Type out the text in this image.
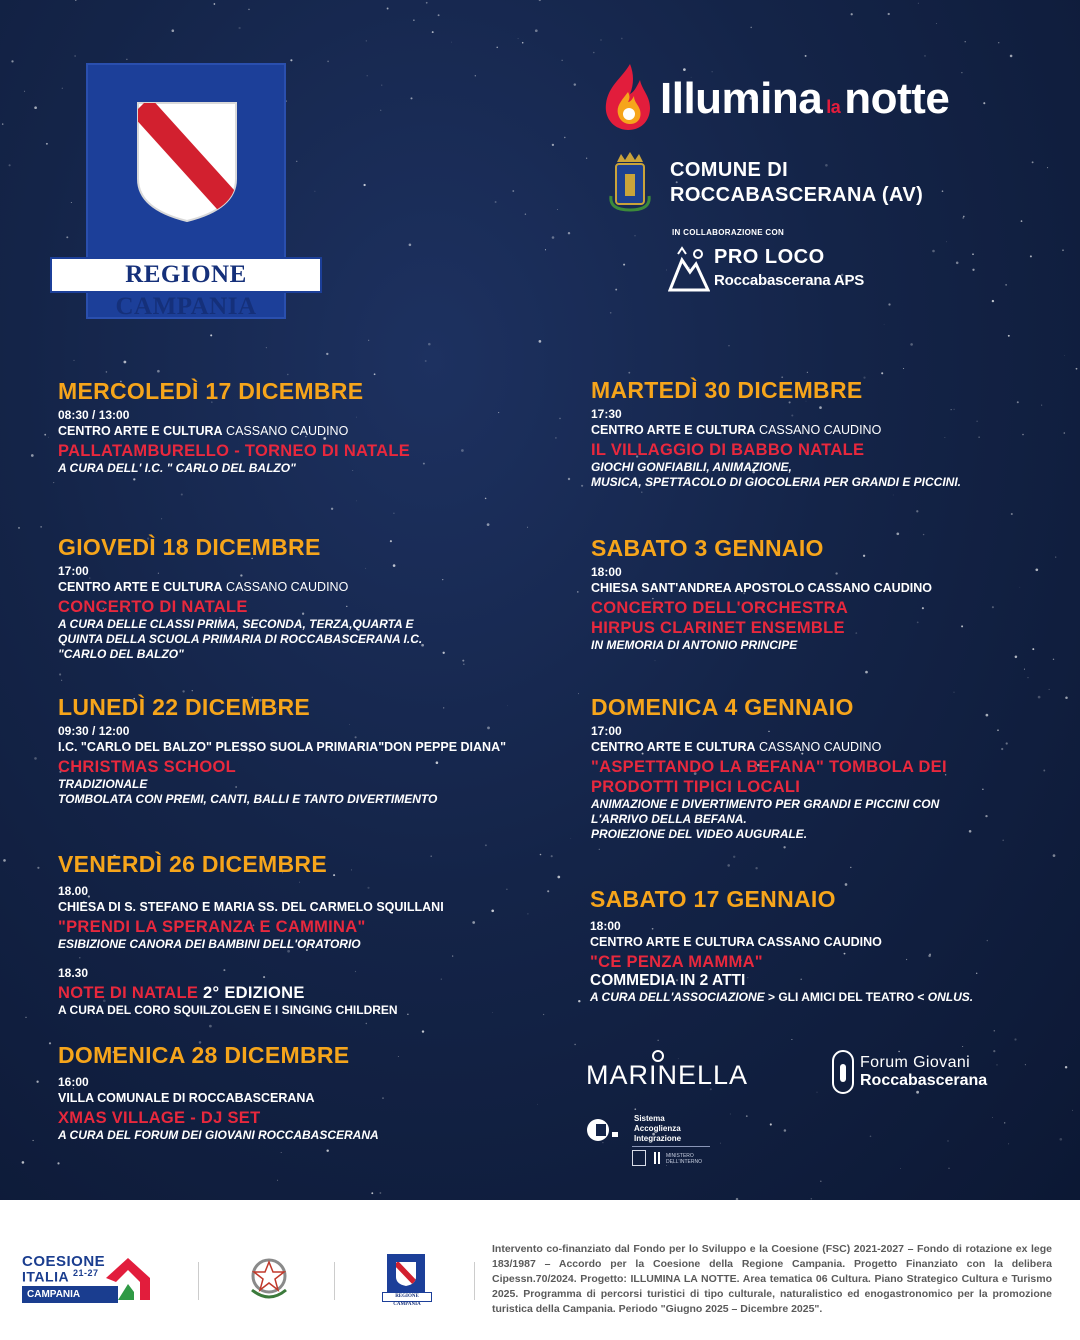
REGIONE CAMPANIA
Illumina lanotte
COMUNE DI
ROCCABASCERANA (AV)
IN COLLABORAZIONE CON
PRO LOCO
Roccabascerana APS
MERCOLEDÌ 17 DICEMBRE
08:30 / 13:00
CENTRO ARTE E CULTURA CASSANO CAUDINO
PALLATAMBURELLO - TORNEO DI NATALE
A CURA DELL' I.C. " CARLO DEL BALZO"
GIOVEDÌ 18 DICEMBRE
17:00
CENTRO ARTE E CULTURA CASSANO CAUDINO
CONCERTO DI NATALE
A CURA DELLE CLASSI PRIMA, SECONDA, TERZA,QUARTA E
QUINTA DELLA SCUOLA PRIMARIA DI ROCCABASCERANA I.C.
"CARLO DEL BALZO"
LUNEDÌ 22 DICEMBRE
09:30 / 12:00
I.C. "CARLO DEL BALZO" PLESSO SUOLA PRIMARIA"DON PEPPE DIANA"
CHRISTMAS SCHOOL
TRADIZIONALE
TOMBOLATA CON PREMI, CANTI, BALLI E TANTO DIVERTIMENTO
VENERDÌ 26 DICEMBRE
18.00
CHIESA DI S. STEFANO E MARIA SS. DEL CARMELO SQUILLANI
"PRENDI LA SPERANZA E CAMMINA"
ESIBIZIONE CANORA DEI BAMBINI DELL'ORATORIO
18.30
NOTE DI NATALE 2° EDIZIONE
A CURA DEL CORO SQUILZOLGEN E I SINGING CHILDREN
DOMENICA 28 DICEMBRE
16:00
VILLA COMUNALE DI ROCCABASCERANA
XMAS VILLAGE - DJ SET
A CURA DEL FORUM DEI GIOVANI ROCCABASCERANA
MARTEDÌ 30 DICEMBRE
17:30
CENTRO ARTE E CULTURA CASSANO CAUDINO
IL VILLAGGIO DI BABBO NATALE
GIOCHI GONFIABILI, ANIMAZIONE,
MUSICA, SPETTACOLO DI GIOCOLERIA PER GRANDI E PICCINI.
SABATO 3 GENNAIO
18:00
CHIESA SANT'ANDREA APOSTOLO CASSANO CAUDINO
CONCERTO DELL'ORCHESTRA
HIRPUS CLARINET ENSEMBLE
IN MEMORIA DI ANTONIO PRINCIPE
DOMENICA 4 GENNAIO
17:00
CENTRO ARTE E CULTURA CASSANO CAUDINO
"ASPETTANDO LA BEFANA" TOMBOLA DEI
PRODOTTI TIPICI LOCALI
ANIMAZIONE E DIVERTIMENTO PER GRANDI E PICCINI CON
L'ARRIVO DELLA BEFANA.
PROIEZIONE DEL VIDEO AUGURALE.
SABATO 17 GENNAIO
18:00
CENTRO ARTE E CULTURA CASSANO CAUDINO
"CE PENZA MAMMA"
COMMEDIA IN 2 ATTI
A CURA DELL'ASSOCIAZIONE > GLI AMICI DEL TEATRO < ONLUS.
MARINELLA	Forum Giovani
Roccabascerana
Sistema
Accoglienza
Integrazione
MINISTERO
DELL'INTERNO
COESIONE
ITALIA $^{21-27}$
CAMPANIA	REGIONE CAMPANIA
Intervento co-finanziato dal Fondo per lo Sviluppo e la Coesione (FSC) 2021-2027 – Fondo di rotazione ex lege 183/1987 – Accordo per la Coesione della Regione Campania. Progetto Finanziato con la delibera Cipessn.70/2024. Progetto: ILLUMINA LA NOTTE. Area tematica 06 Cultura. Piano Strategico Cultura e Turismo 2025. Programma di percorsi turistici di tipo culturale, naturalistico ed enogastronomico per la promozione turistica della Campania. Periodo "Giugno 2025 – Dicembre 2025".
